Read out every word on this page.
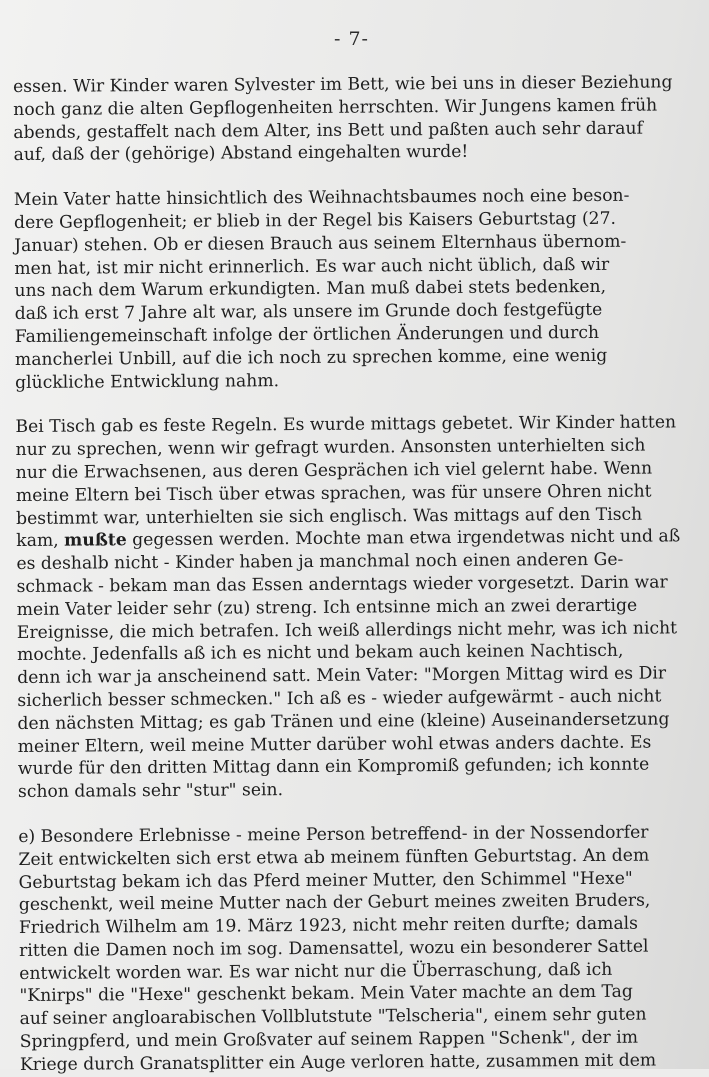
- 7-

essen. Wir Kinder waren Sylvester im Bett, wie bei uns in dieser Beziehung
noch ganz die alten Gepflogenheiten herrschten. Wir Jungens kamen früh
abends, gestaffelt nach dem Alter, ins Bett und paßten auch sehr darauf
auf, daß der (gehörige) Abstand eingehalten wurde!

Mein Vater hatte hinsichtlich des Weihnachtsbaumes noch eine beson-
dere Gepflogenheit; er blieb in der Regel bis Kaisers Geburtstag (27.
Januar) stehen. Ob er diesen Brauch aus seinem Elternhaus übernom-
men hat, ist mir nicht erinnerlich. Es war auch nicht üblich, daß wir
uns nach dem Warum erkundigten. Man muß dabei stets bedenken,
daß ich erst 7 Jahre alt war, als unsere im Grunde doch festgefügte
Familiengemeinschaft infolge der örtlichen Änderungen und durch
mancherlei Unbill, auf die ich noch zu sprechen komme, eine wenig
glückliche Entwicklung nahm.

Bei Tisch gab es feste Regeln. Es wurde mittags gebetet. Wir Kinder hatten
nur zu sprechen, wenn wir gefragt wurden. Ansonsten unterhielten sich
nur die Erwachsenen, aus deren Gesprächen ich viel gelernt habe. Wenn
meine Eltern bei Tisch über etwas sprachen, was für unsere Ohren nicht
bestimmt war, unterhielten sie sich englisch. Was mittags auf den Tisch
kam, mußte gegessen werden. Mochte man etwa irgendetwas nicht und aß
es deshalb nicht - Kinder haben ja manchmal noch einen anderen Ge-
schmack - bekam man das Essen anderntags wieder vorgesetzt. Darin war
mein Vater leider sehr (zu) streng. Ich entsinne mich an zwei derartige
Ereignisse, die mich betrafen. Ich weiß allerdings nicht mehr, was ich nicht
mochte. Jedenfalls aß ich es nicht und bekam auch keinen Nachtisch,
denn ich war ja anscheinend satt. Mein Vater: "Morgen Mittag wird es Dir
sicherlich besser schmecken." Ich aß es - wieder aufgewärmt - auch nicht
den nächsten Mittag; es gab Tränen und eine (kleine) Auseinandersetzung
meiner Eltern, weil meine Mutter darüber wohl etwas anders dachte. Es
wurde für den dritten Mittag dann ein Kompromiß gefunden; ich konnte
schon damals sehr "stur" sein.

e) Besondere Erlebnisse - meine Person betreffend- in der Nossendorfer
Zeit entwickelten sich erst etwa ab meinem fünften Geburtstag. An dem
Geburtstag bekam ich das Pferd meiner Mutter, den Schimmel "Hexe"
geschenkt, weil meine Mutter nach der Geburt meines zweiten Bruders,
Friedrich Wilhelm am 19. März 1923, nicht mehr reiten durfte; damals
ritten die Damen noch im sog. Damensattel, wozu ein besonderer Sattel
entwickelt worden war. Es war nicht nur die Überraschung, daß ich
"Knirps" die "Hexe" geschenkt bekam. Mein Vater machte an dem Tag
auf seiner angloarabischen Vollblutstute "Telscheria", einem sehr guten
Springpferd, und mein Großvater auf seinem Rappen "Schenk", der im
Kriege durch Granatsplitter ein Auge verloren hatte, zusammen mit dem
